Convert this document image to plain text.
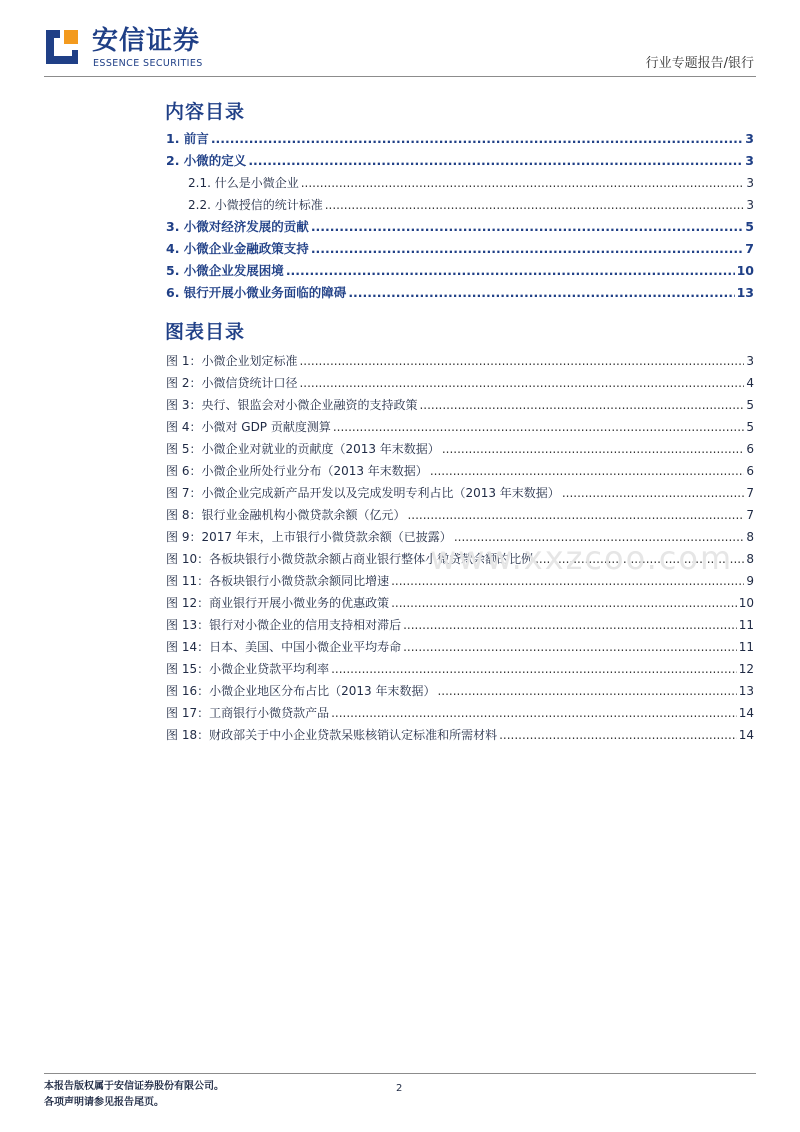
安信证券
ESSENCE SECURITIES	行业专题报告/银行
内容目录
1. 前言 .....	3
2. 小微的定义 .....	3
2.1. 什么是小微企业 .....	3
2.2. 小微授信的统计标准 .....	3
3. 小微对经济发展的贡献 .....	5
4. 小微企业金融政策支持 .....	7
5. 小微企业发展困境 .....	10
6. 银行开展小微业务面临的障碍 .....	13
图表目录
图 1：小微企业划定标准 .....	3
图 2：小微信贷统计口径 .....	4
图 3：央行、银监会对小微企业融资的支持政策 .....	5
图 4：小微对 GDP 贡献度测算 .....	5
图 5：小微企业对就业的贡献度（2013 年末数据） .....	6
图 6：小微企业所处行业分布（2013 年末数据） .....	6
图 7：小微企业完成新产品开发以及完成发明专利占比（2013 年末数据） .....	7
图 8：银行业金融机构小微贷款余额（亿元） .....	7
图 9：2017 年末，上市银行小微贷款余额（已披露） .....	8
图 10：各板块银行小微贷款余额占商业银行整体小微贷款余额的比例 .....	8
图 11：各板块银行小微贷款余额同比增速 .....	9
图 12：商业银行开展小微业务的优惠政策 .....	10
图 13：银行对小微企业的信用支持相对滞后 .....	11
图 14：日本、美国、中国小微企业平均寿命 .....	11
图 15：小微企业贷款平均利率 .....	12
图 16：小微企业地区分布占比（2013 年末数据） .....	13
图 17：工商银行小微贷款产品 .....	14
图 18：财政部关于中小企业贷款呆账核销认定标准和所需材料 .....	14
www.xxzcoo.com
本报告版权属于安信证券股份有限公司。
各项声明请参见报告尾页。
2
